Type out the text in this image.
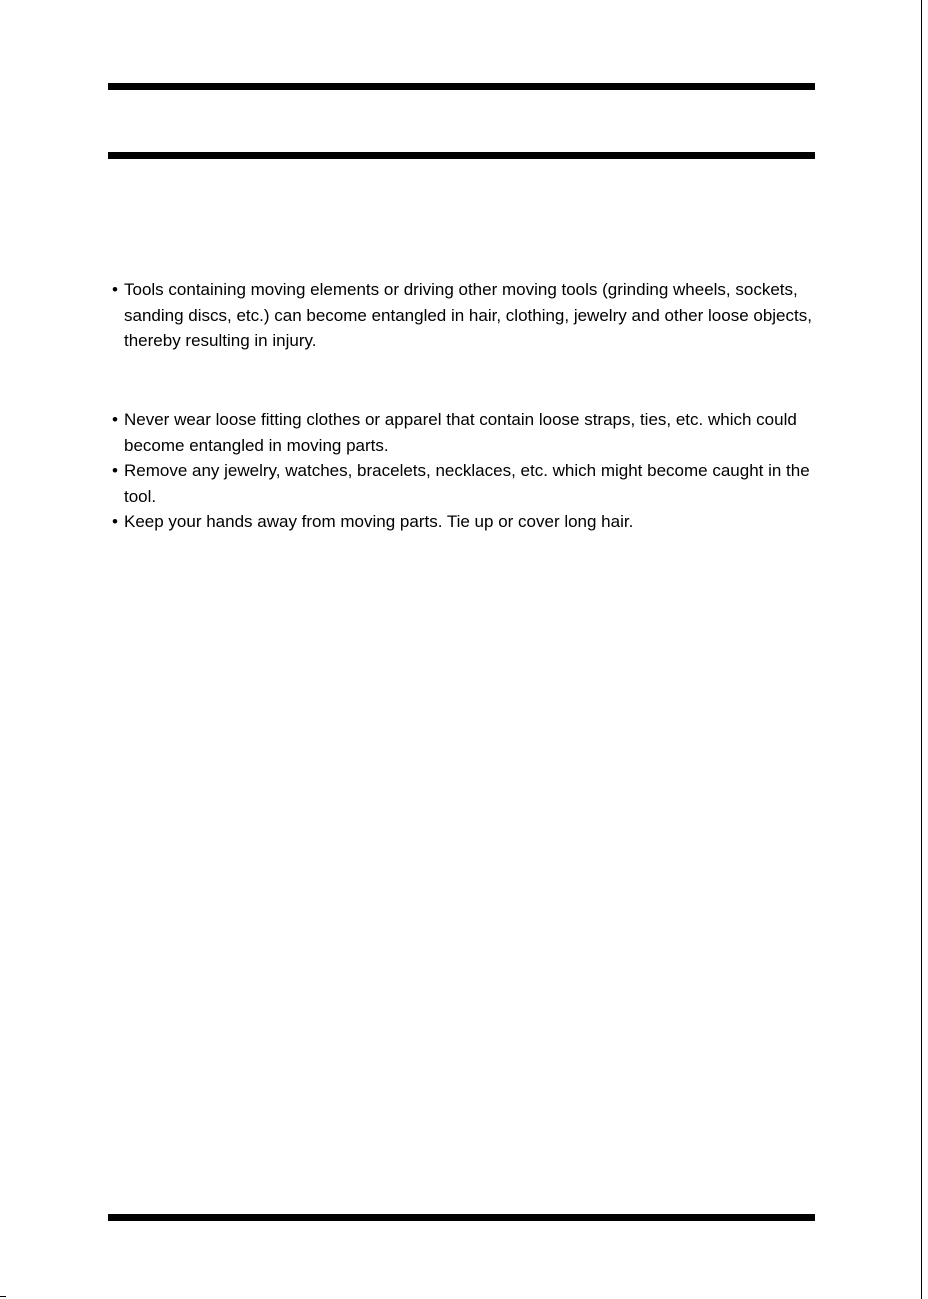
• Tools containing moving elements or driving other moving tools (grinding wheels, sockets, sanding discs, etc.) can become entangled in hair, clothing, jewelry and other loose objects, thereby resulting in injury.
• Never wear loose fitting clothes or apparel that contain loose straps, ties, etc. which could become entangled in moving parts.
• Remove any jewelry, watches, bracelets, necklaces, etc. which might become caught in the tool.
• Keep your hands away from moving parts. Tie up or cover long hair.
